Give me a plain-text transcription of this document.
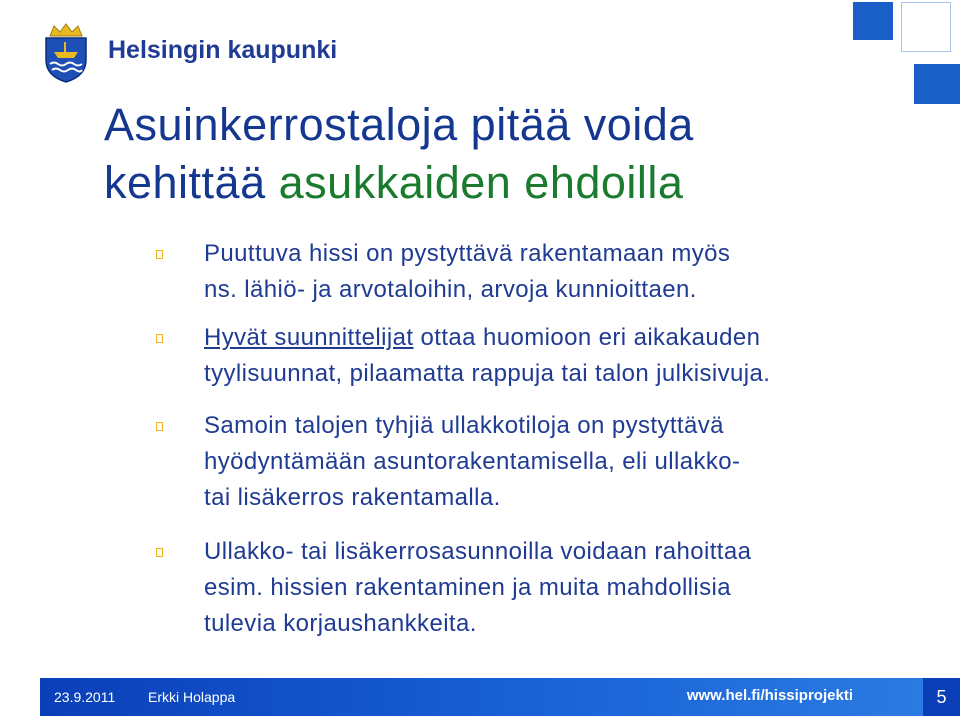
Helsingin kaupunki
Asuinkerrostaloja pitää voida
kehittää asukkaiden ehdoilla
Puuttuva hissi on pystyttävä rakentamaan myös
ns. lähiö- ja arvotaloihin, arvoja kunnioittaen.
Hyvät suunnittelijat ottaa huomioon eri aikakauden
tyylisuunnat, pilaamatta rappuja tai talon julkisivuja.
Samoin talojen tyhjiä ullakkotiloja on pystyttävä
hyödyntämään asuntorakentamisella, eli ullakko-
tai lisäkerros rakentamalla.
Ullakko- tai lisäkerrosasunnoilla voidaan rahoittaa
esim. hissien rakentaminen ja muita mahdollisia
tulevia korjaushankkeita.
23.9.2011 Erkki Holappa	www.hel.fi/hissiprojekti	5
